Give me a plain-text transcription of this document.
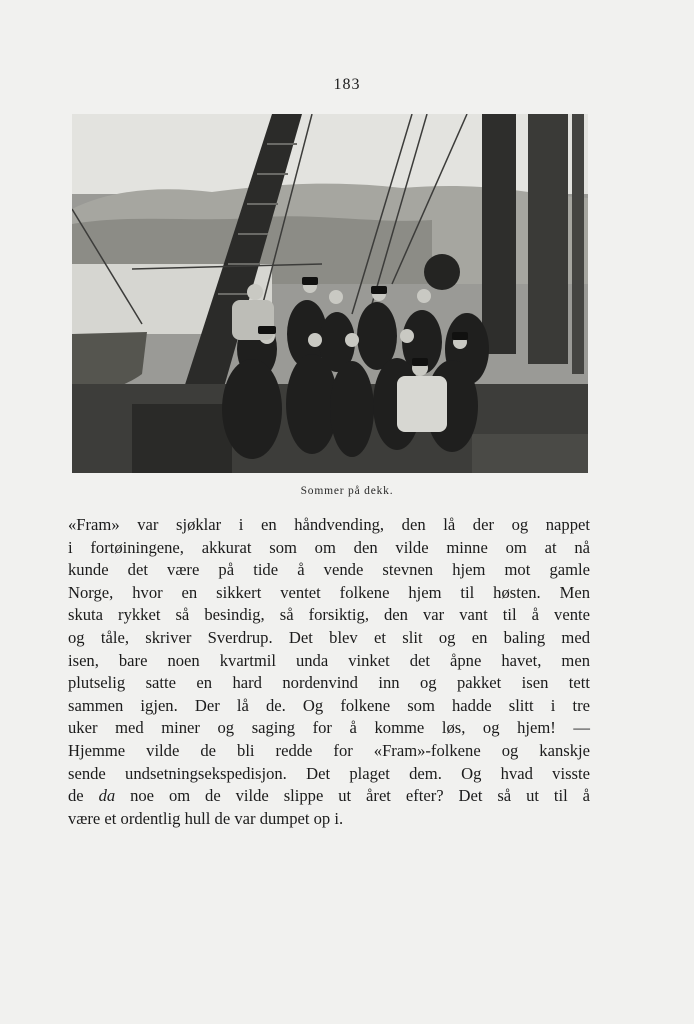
183
Sommer på dekk.
«Fram» var sjøklar i en håndvending, den lå der og nappet
i fortøiningene, akkurat som om den vilde minne om at nå
kunde det være på tide å vende stevnen hjem mot gamle
Norge, hvor en sikkert ventet folkene hjem til høsten. Men
skuta rykket så besindig, så forsiktig, den var vant til å vente
og tåle, skriver Sverdrup. Det blev et slit og en baling med
isen, bare noen kvartmil unda vinket det åpne havet, men
plutselig satte en hard nordenvind inn og pakket isen tett
sammen igjen. Der lå de. Og folkene som hadde slitt i tre
uker med miner og saging for å komme løs, og hjem! —
Hjemme vilde de bli redde for «Fram»-folkene og kanskje
sende undsetningsekspedisjon. Det plaget dem. Og hvad visste
de da noe om de vilde slippe ut året efter? Det så ut til å
være et ordentlig hull de var dumpet op i.
